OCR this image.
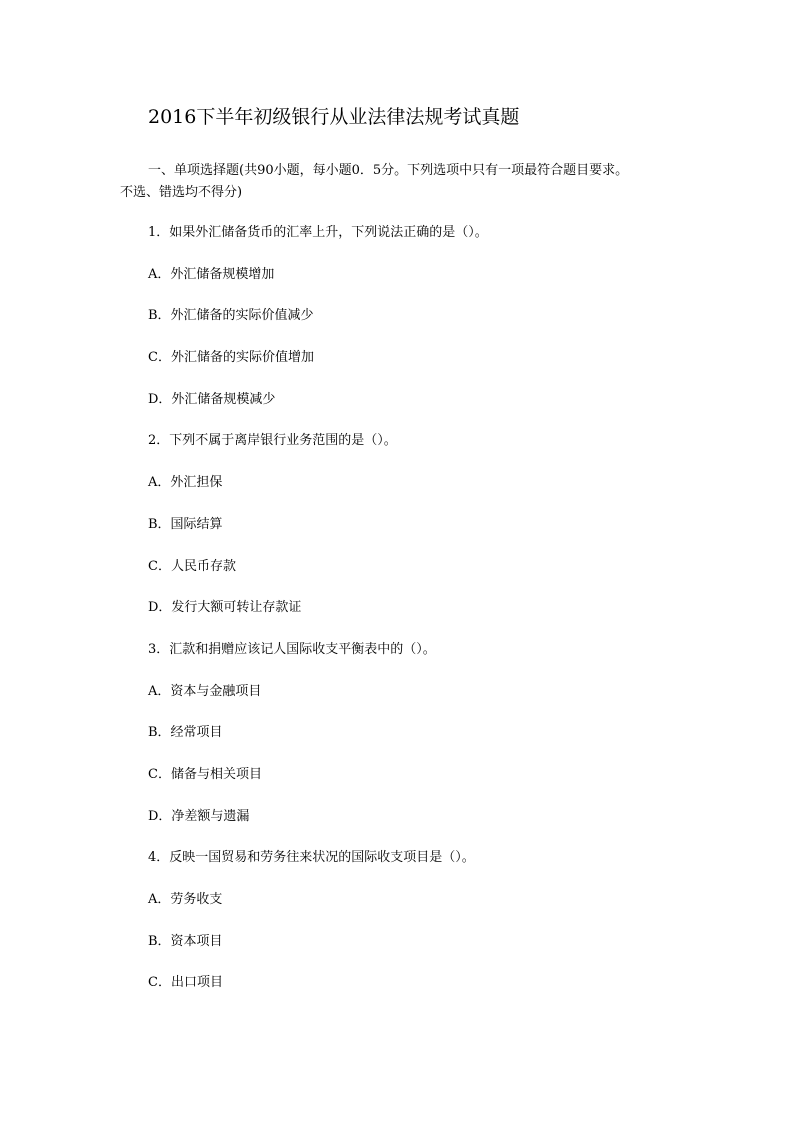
2016下半年初级银行从业法律法规考试真题
一、单项选择题(共90小题，每小题0．5分。下列选项中只有一项最符合题目要求。
不选、错选均不得分)
1．如果外汇储备货币的汇率上升，下列说法正确的是（）。
A．外汇储备规模增加
B．外汇储备的实际价值减少
C．外汇储备的实际价值增加
D．外汇储备规模减少
2．下列不属于离岸银行业务范围的是（）。
A．外汇担保
B．国际结算
C．人民币存款
D．发行大额可转让存款证
3．汇款和捐赠应该记人国际收支平衡表中的（）。
A．资本与金融项目
B．经常项目
C．储备与相关项目
D．净差额与遗漏
4．反映一国贸易和劳务往来状况的国际收支项目是（）。
A．劳务收支
B．资本项目
C．出口项目
